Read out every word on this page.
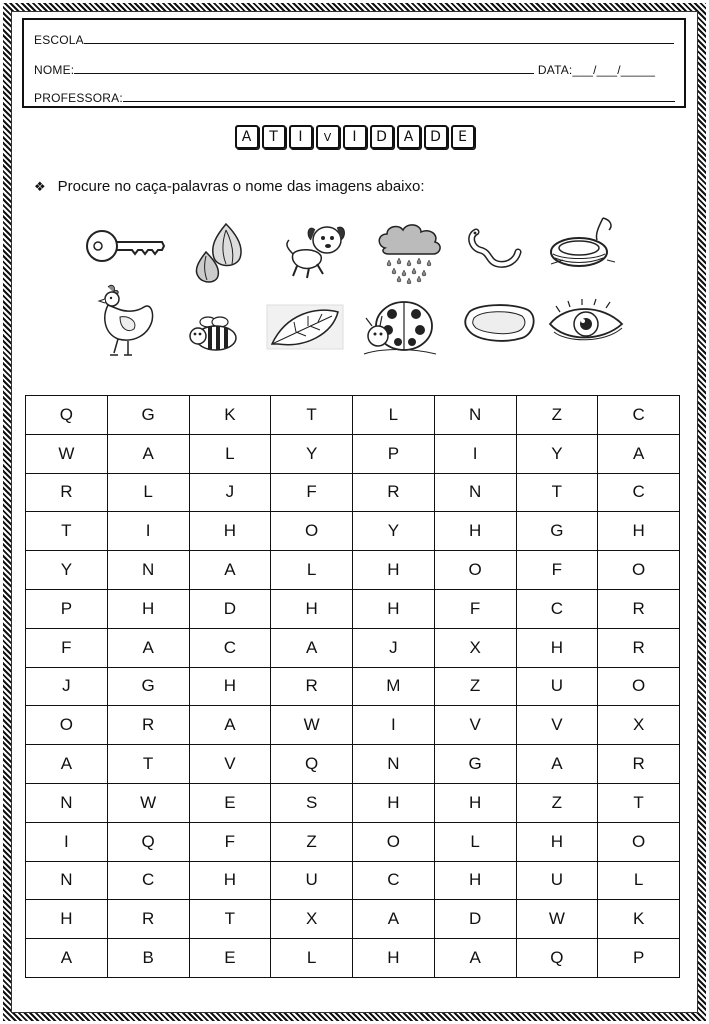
ESCOLA
NOME:	DATA:___/___/_____
PROFESSORA:
A	T	I	V	I	D	A	D	E
❖ Procure no caça-palavras o nome das imagens abaixo:
Q	G	K	T	L	N	Z	C
W	A	L	Y	P	I	Y	A
R	L	J	F	R	N	T	C
T	I	H	O	Y	H	G	H
Y	N	A	L	H	O	F	O
P	H	D	H	H	F	C	R
F	A	C	A	J	X	H	R
J	G	H	R	M	Z	U	O
O	R	A	W	I	V	V	X
A	T	V	Q	N	G	A	R
N	W	E	S	H	H	Z	T
I	Q	F	Z	O	L	H	O
N	C	H	U	C	H	U	L
H	R	T	X	A	D	W	K
A	B	E	L	H	A	Q	P
